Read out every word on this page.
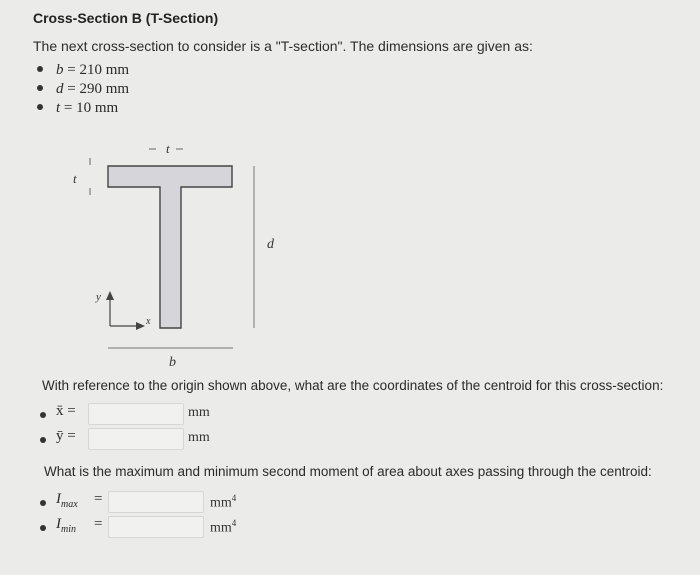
Cross-Section B (T-Section)
The next cross-section to consider is a "T-section". The dimensions are given as:
b = 210 mm
d = 290 mm
t = 10 mm
t
t
d
b
y
x
With reference to the origin shown above, what are the coordinates of the centroid for this cross-section:
x̄ =	mm
ȳ =	mm
What is the maximum and minimum second moment of area about axes passing through the centroid:
$I_{max}$ =	$mm^4$
$I_{min}$ =	$mm^4$
